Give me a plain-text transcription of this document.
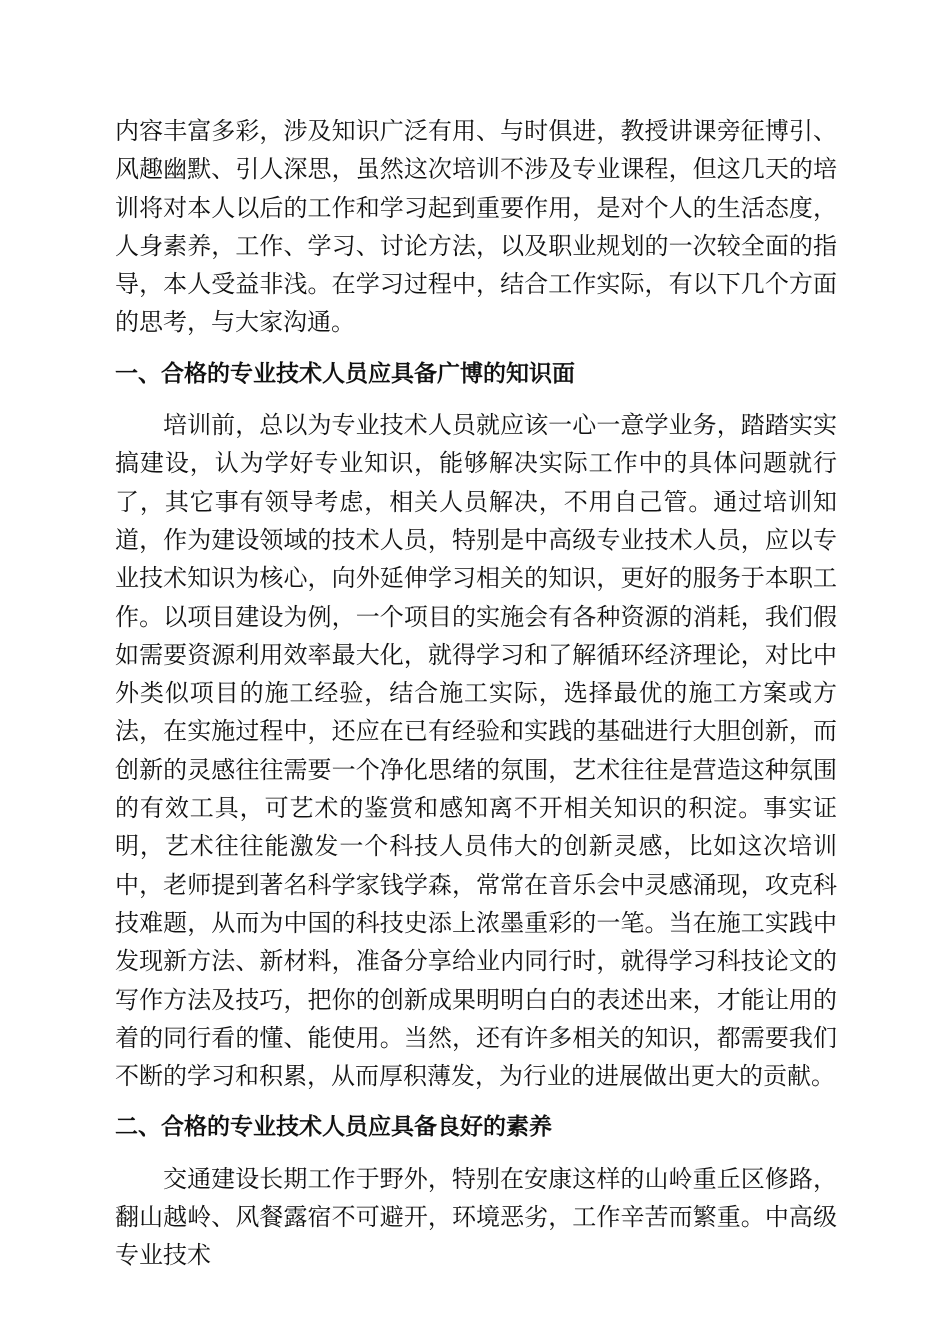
内容丰富多彩，涉及知识广泛有用、与时俱进，教授讲课旁征博引、风趣幽默、引人深思，虽然这次培训不涉及专业课程，但这几天的培训将对本人以后的工作和学习起到重要作用，是对个人的生活态度，人身素养，工作、学习、讨论方法，以及职业规划的一次较全面的指导，本人受益非浅。在学习过程中，结合工作实际，有以下几个方面的思考，与大家沟通。

一、合格的专业技术人员应具备广博的知识面

培训前，总以为专业技术人员就应该一心一意学业务，踏踏实实搞建设，认为学好专业知识，能够解决实际工作中的具体问题就行了，其它事有领导考虑，相关人员解决，不用自己管。通过培训知道，作为建设领域的技术人员，特别是中高级专业技术人员，应以专业技术知识为核心，向外延伸学习相关的知识，更好的服务于本职工作。以项目建设为例，一个项目的实施会有各种资源的消耗，我们假如需要资源利用效率最大化，就得学习和了解循环经济理论，对比中外类似项目的施工经验，结合施工实际，选择最优的施工方案或方法，在实施过程中，还应在已有经验和实践的基础进行大胆创新，而创新的灵感往往需要一个净化思绪的氛围，艺术往往是营造这种氛围的有效工具，可艺术的鉴赏和感知离不开相关知识的积淀。事实证明，艺术往往能激发一个科技人员伟大的创新灵感，比如这次培训中，老师提到著名科学家钱学森，常常在音乐会中灵感涌现，攻克科技难题，从而为中国的科技史添上浓墨重彩的一笔。当在施工实践中发现新方法、新材料，准备分享给业内同行时，就得学习科技论文的写作方法及技巧，把你的创新成果明明白白的表述出来，才能让用的着的同行看的懂、能使用。当然，还有许多相关的知识，都需要我们不断的学习和积累，从而厚积薄发，为行业的进展做出更大的贡献。

二、合格的专业技术人员应具备良好的素养

交通建设长期工作于野外，特别在安康这样的山岭重丘区修路，翻山越岭、风餐露宿不可避开，环境恶劣，工作辛苦而繁重。中高级专业技术
